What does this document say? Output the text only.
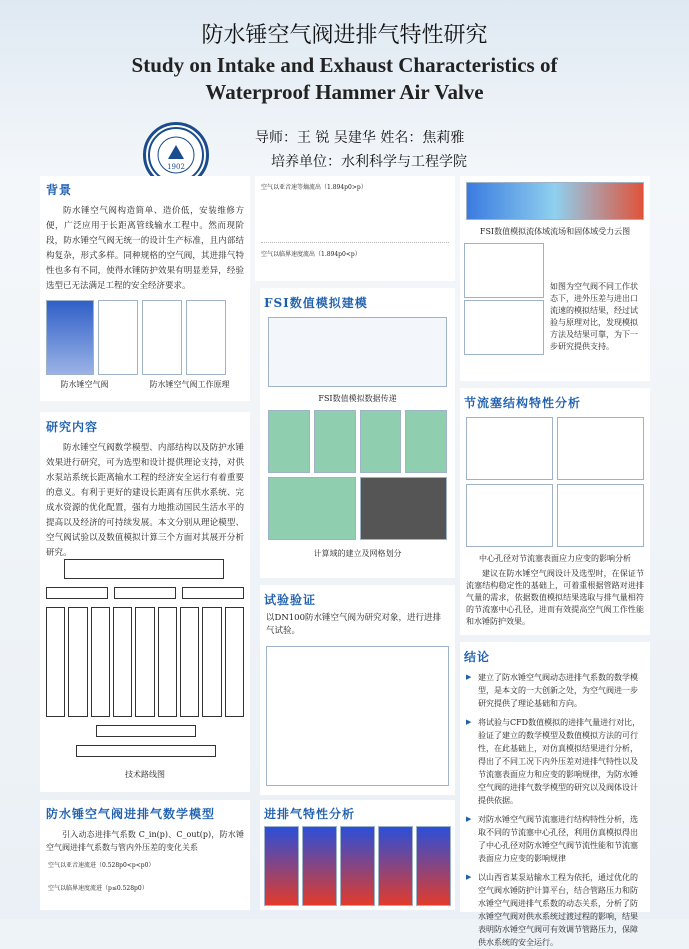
防水锤空气阀进排气特性研究
Study on Intake and Exhaust Characteristics of Waterproof Hammer Air Valve
1902
导师：王 锐 吴建华 姓名：焦莉雅
培养单位：水利科学与工程学院
背景
防水锤空气阀构造简单、造价低，安装维修方便，广泛应用于长距离管线输水工程中。然而现阶段，防水锤空气阀无统一的设计生产标准，且内部结构复杂，形式多样。同种规格的空气阀，其进排气特性也多有不同，使得水锤防护效果有明显差异，经验选型已无法满足工程的安全经济要求。
防水锤空气阀	防水锤空气阀工作原理
研究内容
防水锤空气阀数学模型、内部结构以及防护水锤效果进行研究，可为选型和设计提供理论支持，对供水泵站系统长距离输水工程的经济安全运行有着重要的意义。有利于更好的建设长距离有压供水系统、完成水资源的优化配置，强有力地推动国民生活水平的提高以及经济的可持续发展。本文分别从理论模型、空气阀试验以及数值模拟计算三个方面对其展开分析研究。
技术路线图
防水锤空气阀进排气数学模型
引入动态进排气系数 C_in(p)、C_out(p)，防水锤空气阀进排气系数与管内外压差的变化关系
空气以亚音速流进（0.528p0<p<p0）
空气以临界速度流进（p≤0.528p0）
空气以亚音速等熵流出（1.894p0>p）
空气以临界速度流出（1.894p0<p）
FSI数值模拟建模
FSI数值模拟数据传递
计算域的建立及网格划分
试验验证
以DN100防水锤空气阀为研究对象，进行进排气试验。
进排气特性分析
FSI数值模拟流体域流场和固体域受力云图
如图为空气阀不同工作状态下，进外压差与进出口流速的模拟结果，经过试验与原理对比，发现模拟方法及结果可靠，为下一步研究提供支持。
节流塞结构特性分析
中心孔径对节流塞表面应力应变的影响分析
建议在防水锤空气阀设计及选型时，在保证节流塞结构稳定性的基础上，可着重根据管路对进排气量的需求，依据数值模拟结果选取与排气量相符的节流塞中心孔径，进而有效提高空气阀工作性能和水锤防护效果。
结论
▶ 建立了防水锤空气阀动态进排气系数的数学模型，是本文的一大创新之处，为空气阀进一步研究提供了理论基础和方向。
▶ 将试验与CFD数值模拟的进排气量进行对比，验证了建立的数学模型及数值模拟方法的可行性，在此基础上，对仿真模拟结果进行分析，得出了不同工况下内外压差对进排气特性以及节流塞表面应力和应变的影响规律，为防水锤空气阀的进排气数学模型的研究以及阀体设计提供依据。
▶ 对防水锤空气阀节流塞进行结构特性分析，选取不同的节流塞中心孔径，利用仿真模拟得出了中心孔径对防水锤空气阀节流性能和节流塞表面应力应变的影响规律
▶ 以山西省某泵站输水工程为依托，通过优化的空气阀水锤防护计算平台，结合管路压力和防水锤空气阀进排气系数的动态关系，分析了防水锤空气阀对供水系统过渡过程的影响，结果表明防水锤空气阀可有效调节管路压力，保障供水系统的安全运行。
